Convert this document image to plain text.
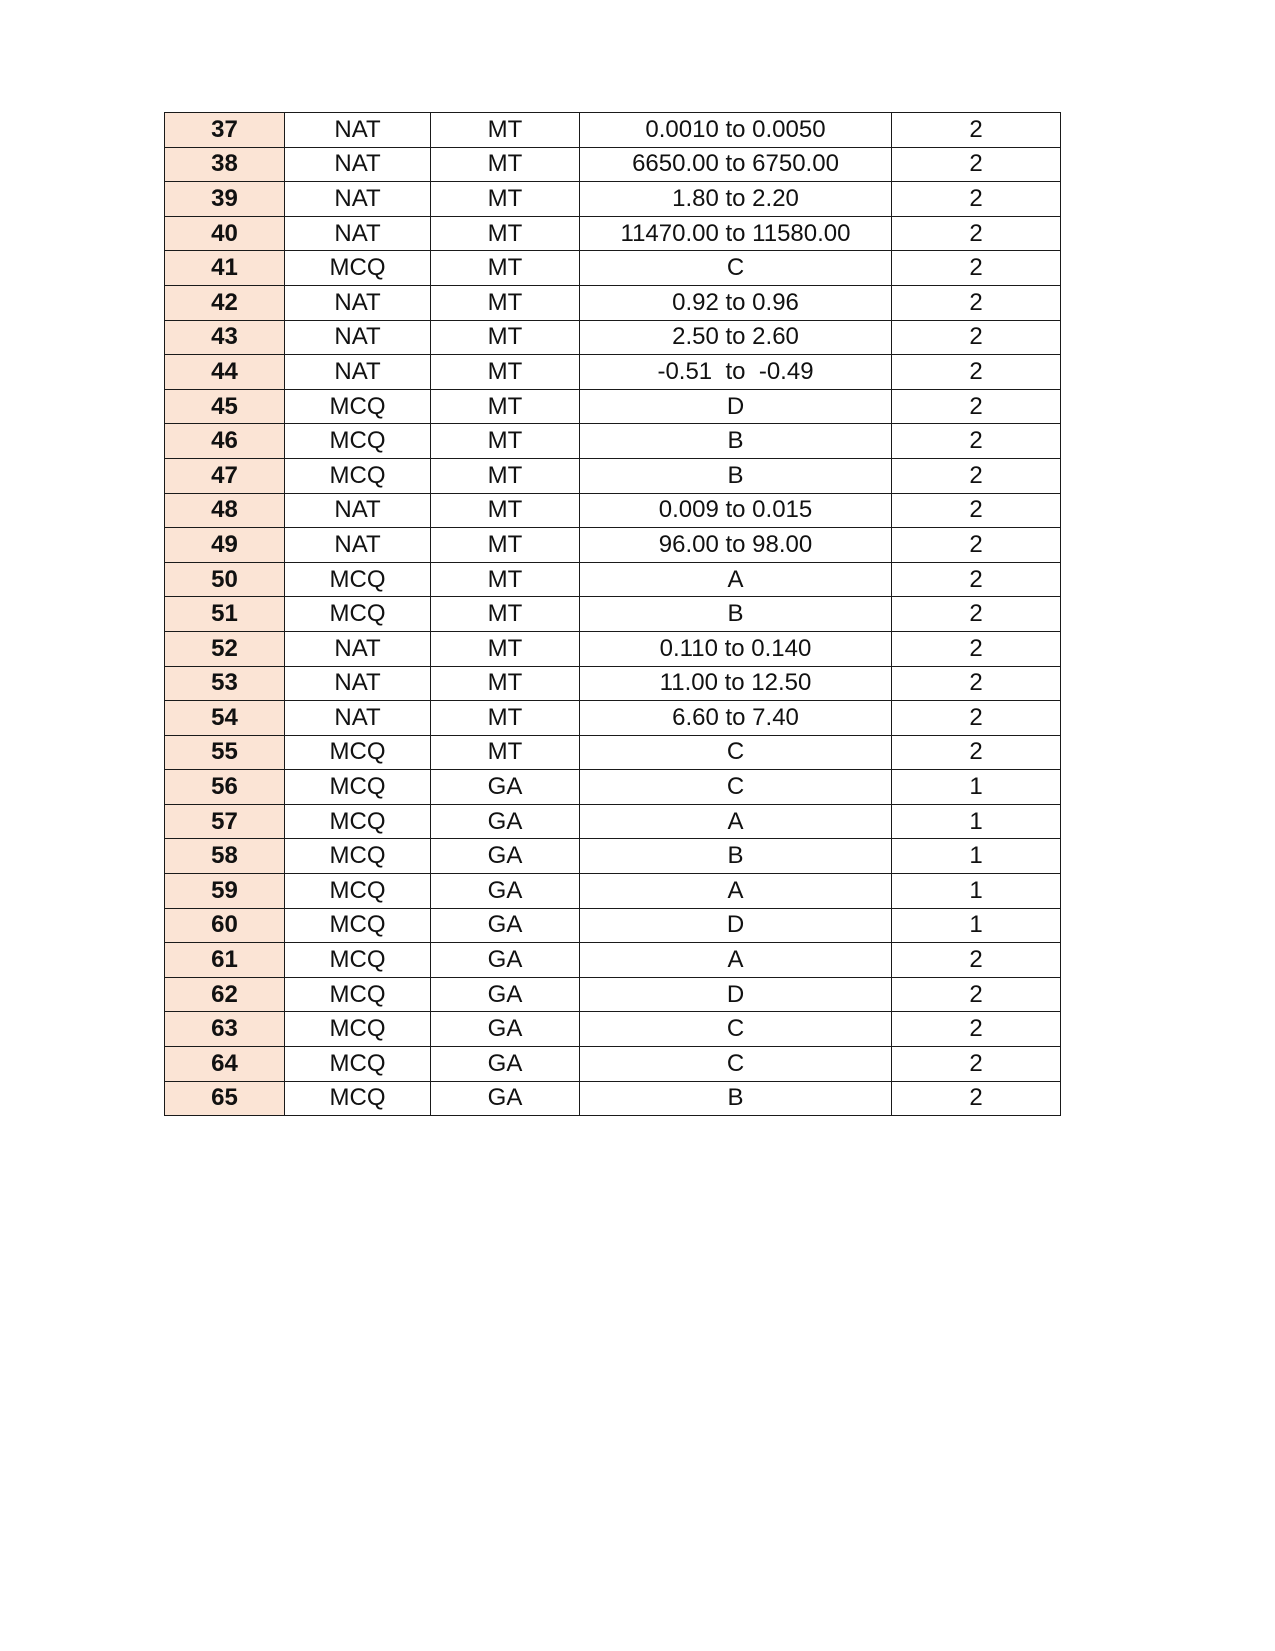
37	NAT	MT	0.0010 to 0.0050	2
38	NAT	MT	6650.00 to 6750.00	2
39	NAT	MT	1.80 to 2.20	2
40	NAT	MT	11470.00 to 11580.00	2
41	MCQ	MT	C	2
42	NAT	MT	0.92 to 0.96	2
43	NAT	MT	2.50 to 2.60	2
44	NAT	MT	-0.51  to  -0.49	2
45	MCQ	MT	D	2
46	MCQ	MT	B	2
47	MCQ	MT	B	2
48	NAT	MT	0.009 to 0.015	2
49	NAT	MT	96.00 to 98.00	2
50	MCQ	MT	A	2
51	MCQ	MT	B	2
52	NAT	MT	0.110 to 0.140	2
53	NAT	MT	11.00 to 12.50	2
54	NAT	MT	6.60 to 7.40	2
55	MCQ	MT	C	2
56	MCQ	GA	C	1
57	MCQ	GA	A	1
58	MCQ	GA	B	1
59	MCQ	GA	A	1
60	MCQ	GA	D	1
61	MCQ	GA	A	2
62	MCQ	GA	D	2
63	MCQ	GA	C	2
64	MCQ	GA	C	2
65	MCQ	GA	B	2
